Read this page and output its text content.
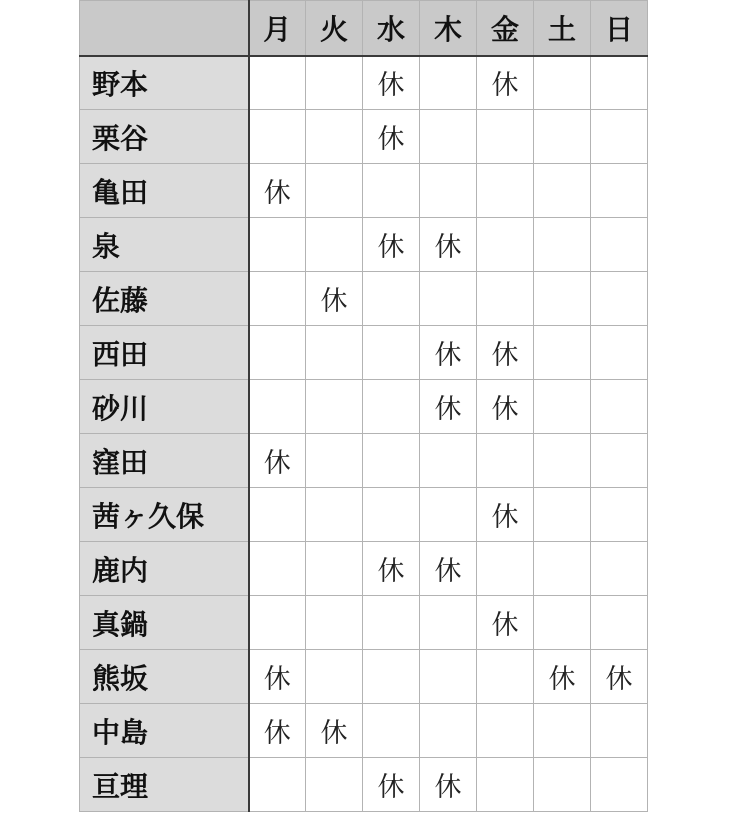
	月	火	水	木	金	土	日
野本			休		休		
栗谷			休				
亀田	休						
泉			休	休			
佐藤		休					
西田				休	休		
砂川				休	休		
窪田	休						
茜ヶ久保					休		
鹿内			休	休			
真鍋					休		
熊坂	休					休	休
中島	休	休					
亘理			休	休			
